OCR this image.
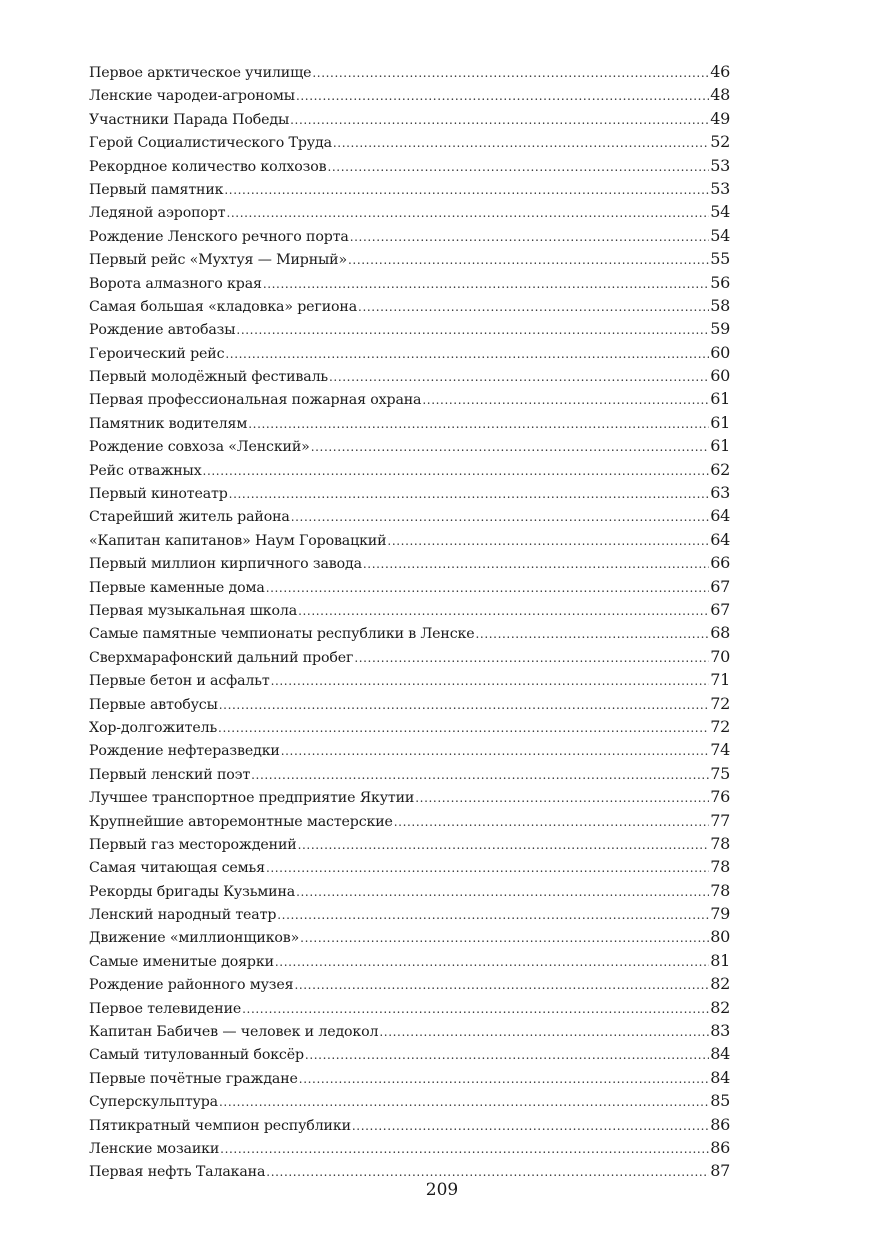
Первое арктическое училище .....	46
Ленские чародеи-агрономы .....	48
Участники Парада Победы .....	49
Герой Социалистического Труда .....	52
Рекордное количество колхозов .....	53
Первый памятник .....	53
Ледяной аэропорт .....	54
Рождение Ленского речного порта .....	54
Первый рейс «Мухтуя — Мирный» .....	55
Ворота алмазного края .....	56
Самая большая «кладовка» региона .....	58
Рождение автобазы .....	59
Героический рейс .....	60
Первый молодёжный фестиваль .....	60
Первая профессиональная пожарная охрана .....	61
Памятник водителям .....	61
Рождение совхоза «Ленский» .....	61
Рейс отважных .....	62
Первый кинотеатр .....	63
Старейший житель района .....	64
«Капитан капитанов» Наум Горовацкий .....	64
Первый миллион кирпичного завода .....	66
Первые каменные дома .....	67
Первая музыкальная школа .....	67
Самые памятные чемпионаты республики в Ленске .....	68
Сверхмарафонский дальний пробег .....	70
Первые бетон и асфальт .....	71
Первые автобусы .....	72
Хор-долгожитель .....	72
Рождение нефтеразведки .....	74
Первый ленский поэт .....	75
Лучшее транспортное предприятие Якутии .....	76
Крупнейшие авторемонтные мастерские .....	77
Первый газ месторождений .....	78
Самая читающая семья .....	78
Рекорды бригады Кузьмина .....	78
Ленский народный театр .....	79
Движение «миллионщиков» .....	80
Самые именитые доярки .....	81
Рождение районного музея .....	82
Первое телевидение .....	82
Капитан Бабичев — человек и ледокол .....	83
Самый титулованный боксёр .....	84
Первые почётные граждане .....	84
Суперскульптура .....	85
Пятикратный чемпион республики .....	86
Ленские мозаики .....	86
Первая нефть Талакана .....	87
209
